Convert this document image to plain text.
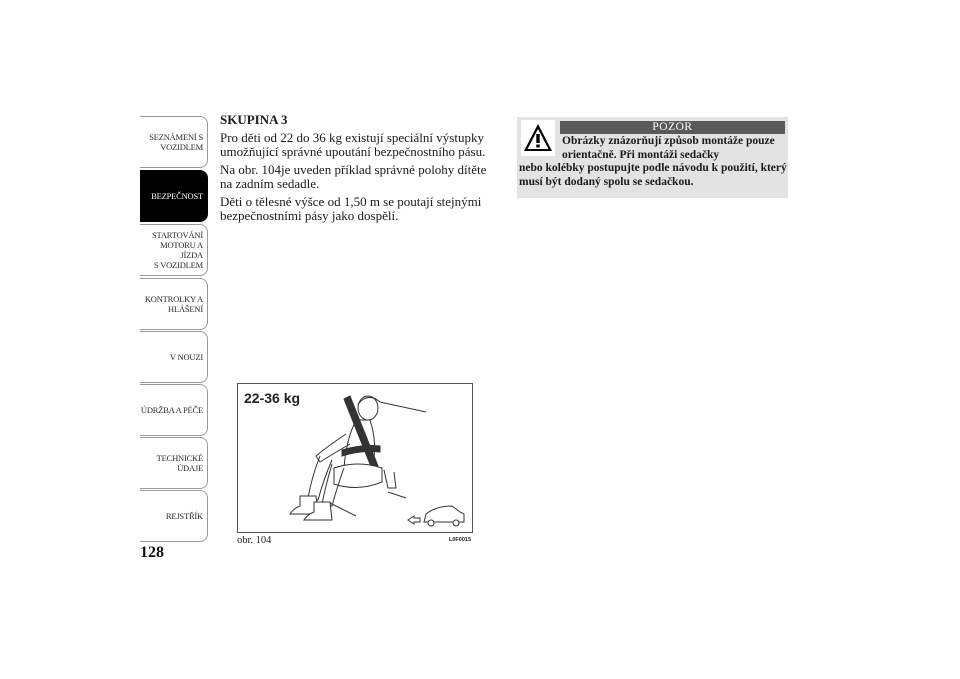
SEZNÁMENÍ S
VOZIDLEM
BEZPEČNOST
STARTOVÁNÍ
MOTORU A JÍZDA
S VOZIDLEM
KONTROLKY A
HLÁŠENÍ
V NOUZI
ÚDRŽBA A PÉČE
TECHNICKÉ
ÚDAJE
REJSTŘÍK
128
SKUPINA 3

Pro děti od 22 do 36 kg existují speciální výstupky umožňující správné upoutání bezpečnostního pásu.

Na obr. 104je uveden příklad správné polohy dítěte na zadním sedadle.

Děti o tělesné výšce od 1,50 m se poutají stejnými bezpečnostními pásy jako dospělí.

22-36 kg
obr. 104	L0F0015
POZOR
Obrázky znázorňují způsob montáže pouze orientačně. Při montáži sedačky
nebo kolébky postupujte podle návodu k použití, který musí být dodaný spolu se sedačkou.
